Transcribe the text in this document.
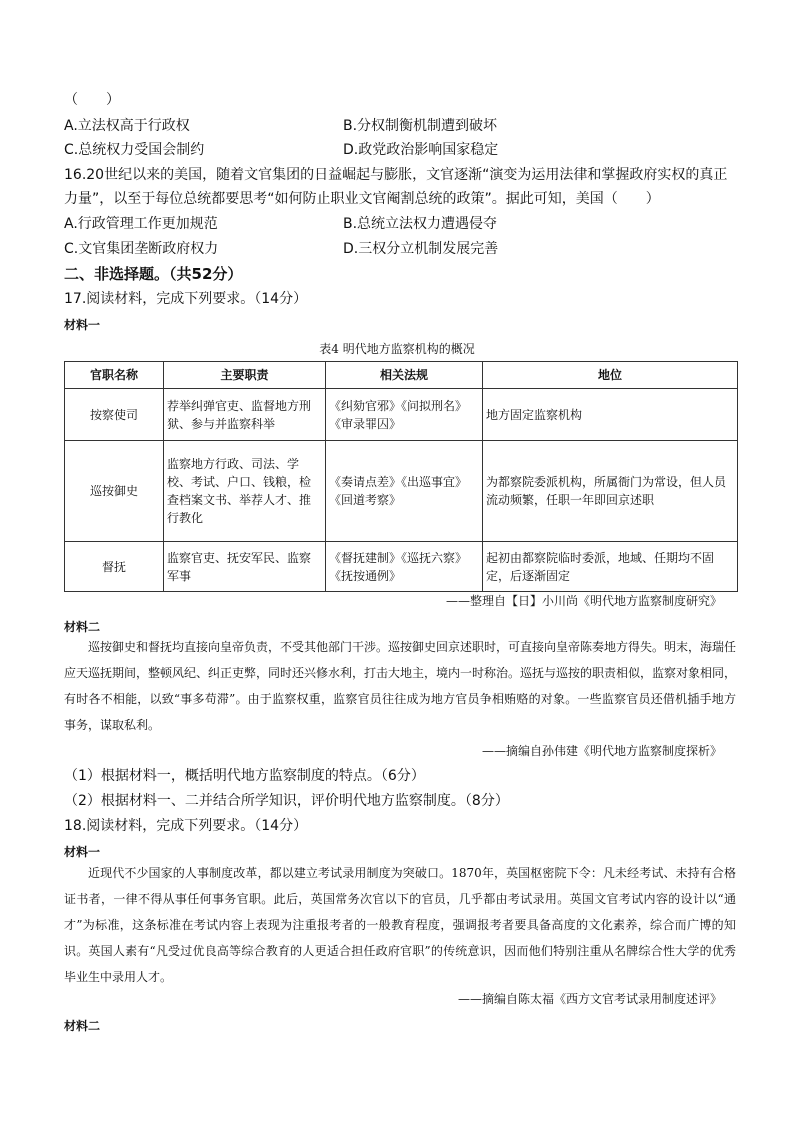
（　　）
A.立法权高于行政权	B.分权制衡机制遭到破坏
C.总统权力受国会制约	D.政党政治影响国家稳定
16.20世纪以来的美国，随着文官集团的日益崛起与膨胀，文官逐渐“演变为运用法律和掌握政府实权的真正
力量”，以至于每位总统都要思考“如何防止职业文官阉割总统的政策”。据此可知，美国（　　）
A.行政管理工作更加规范	B.总统立法权力遭遇侵夺
C.文官集团垄断政府权力	D.三权分立机制发展完善
二、非选择题。（共52分）
17.阅读材料，完成下列要求。（14分）
材料一
表4 明代地方监察机构的概况
官职名称	主要职责	相关法规	地位
按察使司	荐举纠弹官吏、监督地方刑狱、参与并监察科举	《纠劾官邪》《问拟刑名》《审录罪囚》	地方固定监察机构
巡按御史	监察地方行政、司法、学校、考试、户口、钱粮，检查档案文书、举荐人才、推行教化	《奏请点差》《出巡事宜》《回道考察》	为都察院委派机构，所属衙门为常设，但人员流动频繁，任职一年即回京述职
督抚	监察官吏、抚安军民、监察军事	《督抚建制》《巡抚六察》《抚按通例》	起初由都察院临时委派，地域、任期均不固定，后逐渐固定
——整理自【日】小川尚《明代地方监察制度研究》
材料二
巡按御史和督抚均直接向皇帝负责，不受其他部门干涉。巡按御史回京述职时，可直接向皇帝陈奏地方得失。明末，海瑞任应天巡抚期间，整顿风纪、纠正吏弊，同时还兴修水利，打击大地主，境内一时称治。巡抚与巡按的职责相似，监察对象相同，有时各不相能，以致“事多苟滞”。由于监察权重，监察官员往往成为地方官员争相贿赂的对象。一些监察官员还借机插手地方事务，谋取私利。
——摘编自孙伟建《明代地方监察制度探析》
（1）根据材料一，概括明代地方监察制度的特点。（6分）
（2）根据材料一、二并结合所学知识，评价明代地方监察制度。（8分）
18.阅读材料，完成下列要求。（14分）
材料一
近现代不少国家的人事制度改革，都以建立考试录用制度为突破口。1870年，英国枢密院下令：凡未经考试、未持有合格证书者，一律不得从事任何事务官职。此后，英国常务次官以下的官员，几乎都由考试录用。英国文官考试内容的设计以“通才”为标准，这条标准在考试内容上表现为注重报考者的一般教育程度，强调报考者要具备高度的文化素养，综合而广博的知识。英国人素有“凡受过优良高等综合教育的人更适合担任政府官职”的传统意识，因而他们特别注重从名牌综合性大学的优秀毕业生中录用人才。
——摘编自陈太福《西方文官考试录用制度述评》
材料二
